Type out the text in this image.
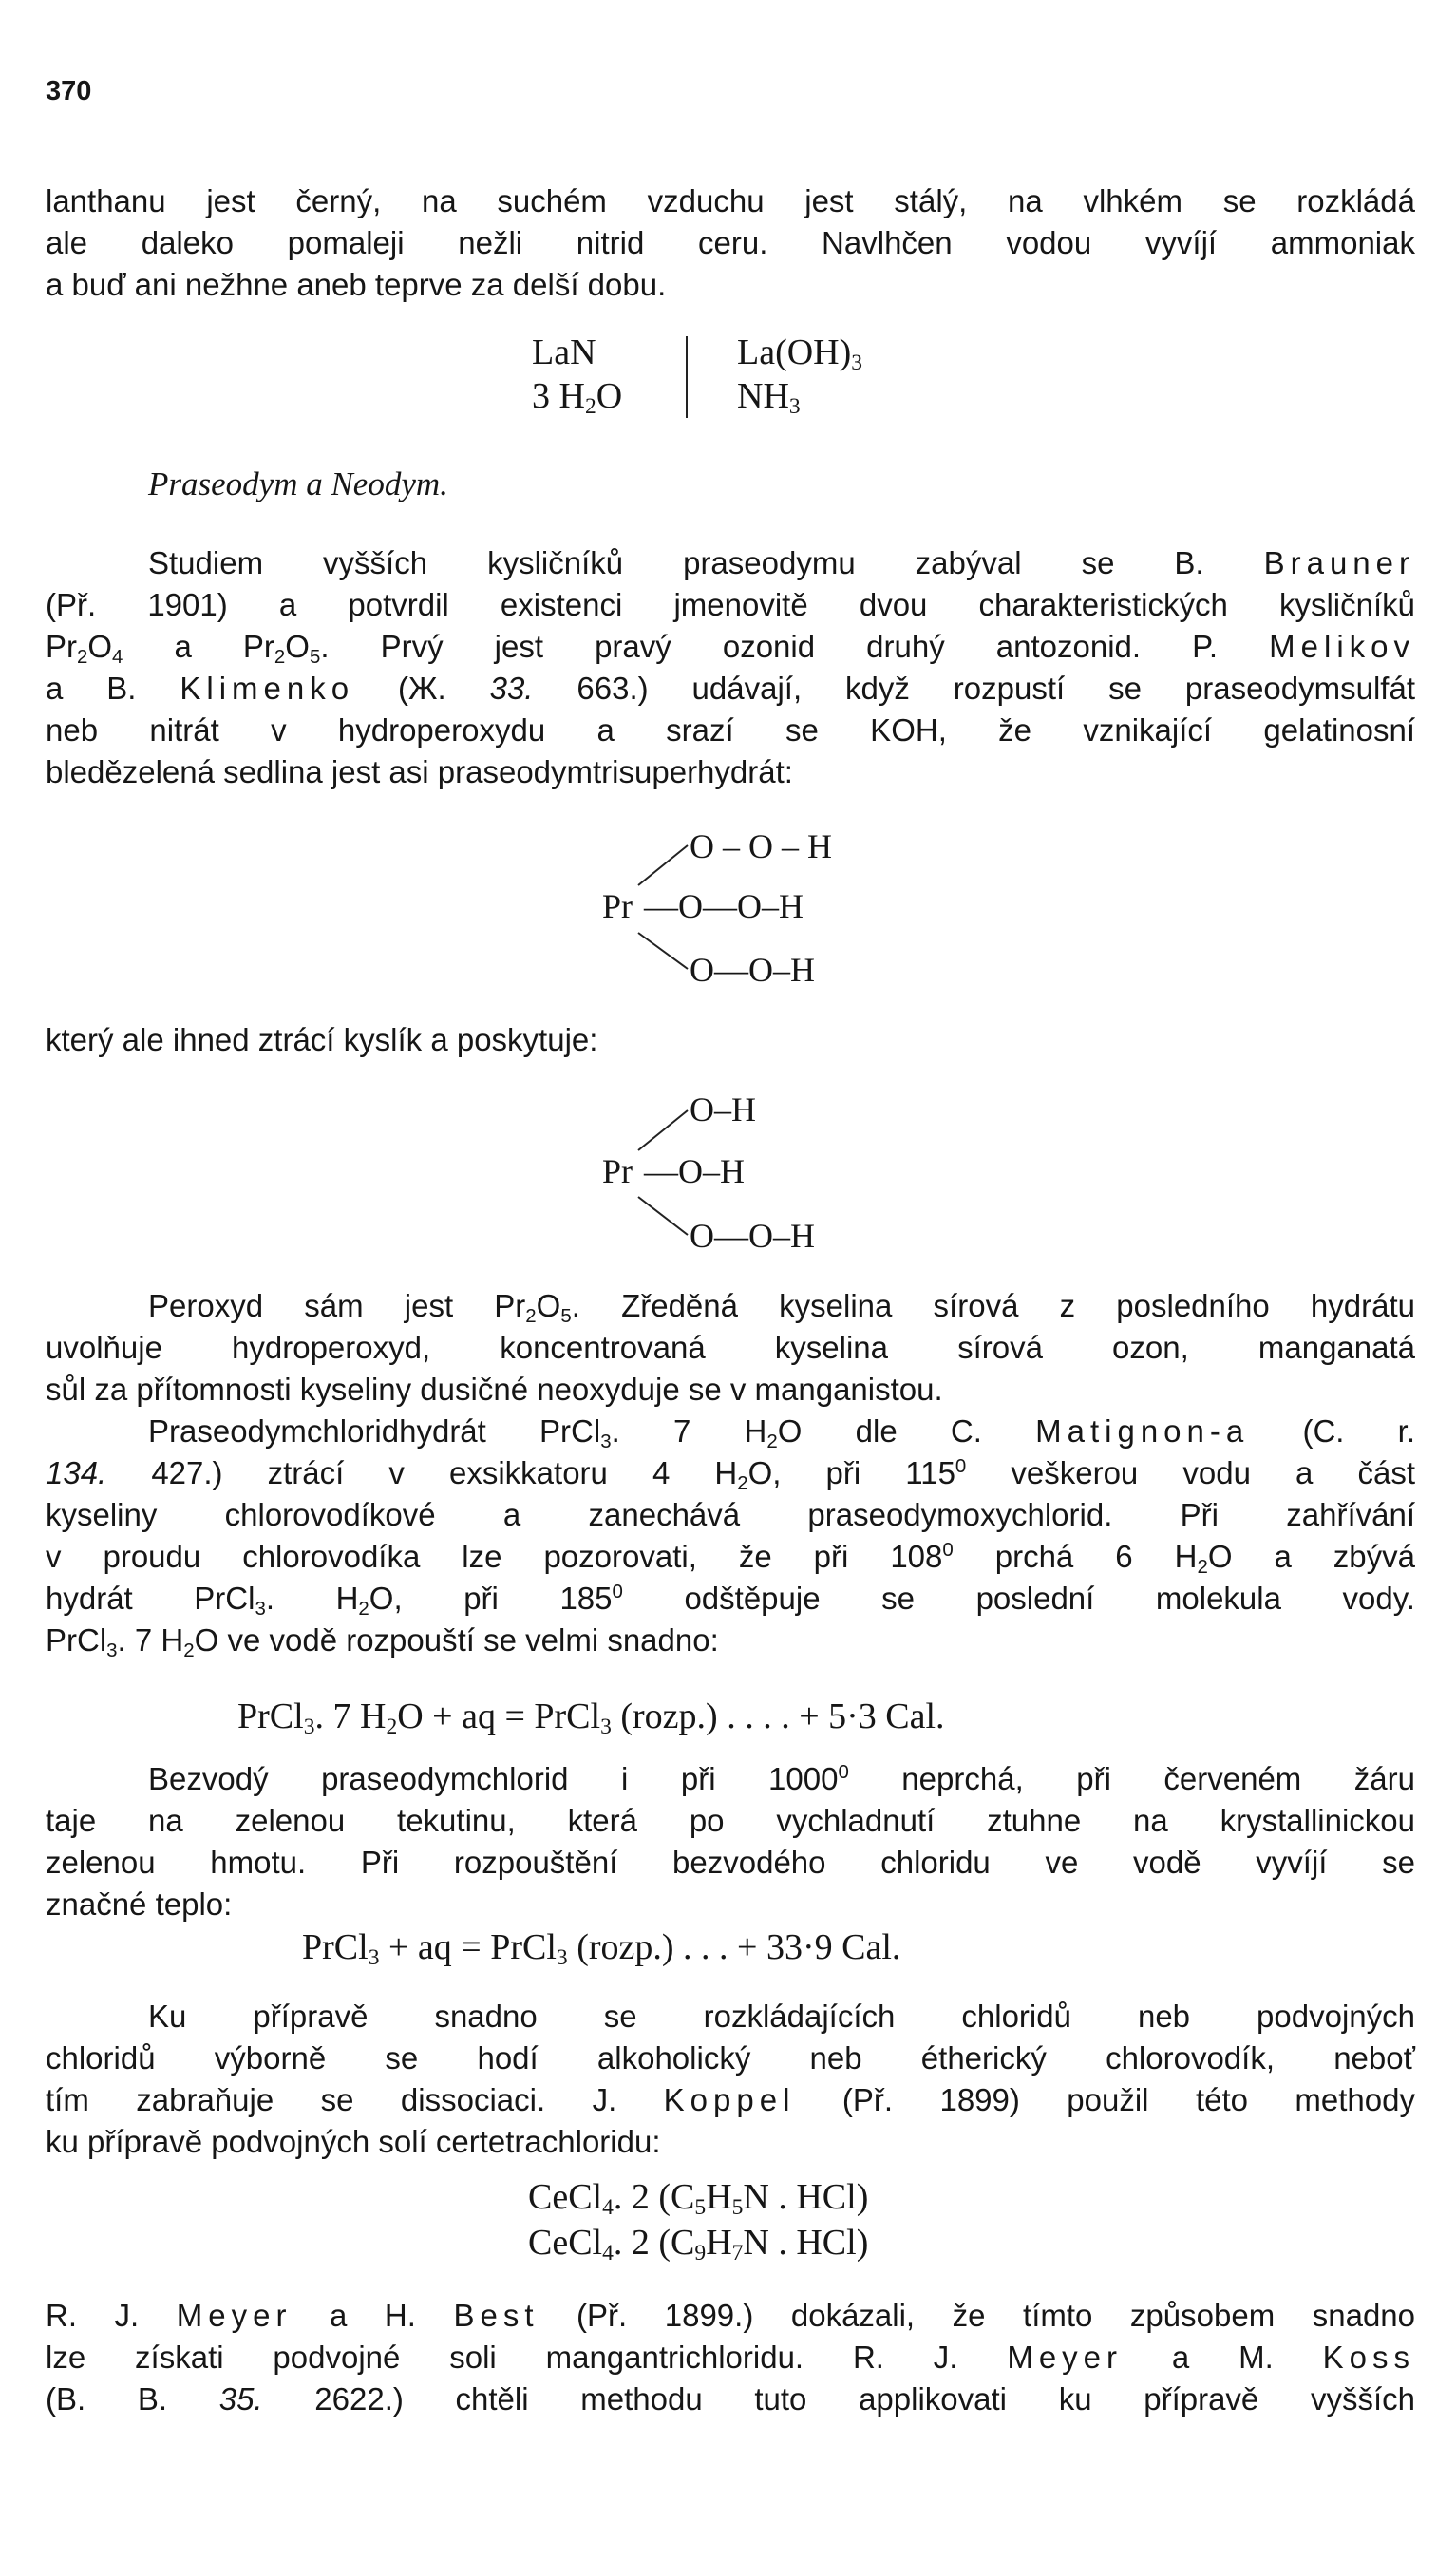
370
lanthanu jest černý, na suchém vzduchu jest stálý, na vlhkém se rozkládá
ale daleko pomaleji nežli nitrid ceru. Navlhčen vodou vyvíjí ammoniak
a buď ani nežhne aneb teprve za delší dobu.
LaN	$La(OH)_3$
3 $H_2O$	$NH_3$
Praseodym a Neodym.
Studiem vyšších kysličníků praseodymu zabýval se B. Brauner
(Př. 1901) a potvrdil existenci jmenovitě dvou charakteristických kysličníků
$Pr_2O_4$ a $Pr_2O_5$. Prvý jest pravý ozonid druhý antozonid. P. Melikov
a B. Klimenko (Ж. 33. 663.) udávají, když rozpustí se praseodymsulfát
neb nitrát v hydroperoxydu a srazí se KOH, že vznikající gelatinosní
bledězelená sedlina jest asi praseodymtrisuperhydrát:
O – O – H
Pr —O—O–H
O—O–H
který ale ihned ztrácí kyslík a poskytuje:
O–H
Pr —O–H
O—O–H
Peroxyd sám jest $Pr_2O_5$. Zředěná kyselina sírová z posledního hydrátu
uvolňuje hydroperoxyd, koncentrovaná kyselina sírová ozon, manganatá
sůl za přítomnosti kyseliny dusičné neoxyduje se v manganistou.
Praseodymchloridhydrát PrCl$_3$. 7 $H_2O$ dle C. Matignon-a (C. r.
134. 427.) ztrácí v exsikkatoru 4 $H_2O$, při $115^0$ veškerou vodu a část
kyseliny chlorovodíkové a zanechává praseodymoxychlorid. Při zahřívání
v proudu chlorovodíka lze pozorovati, že při $108^0$ prchá 6 $H_2O$ a zbývá
hydrát PrCl$_3$. $H_2O$, při $185^0$ odštěpuje se poslední molekula vody.
PrCl$_3$. 7 $H_2O$ ve vodě rozpouští se velmi snadno:
PrCl$_3$. 7 $H_2O$ + aq = PrCl$_3$ (rozp.) . . . . + 5·3 Cal.
Bezvodý praseodymchlorid i při 1000$^0$ neprchá, při červeném žáru
taje na zelenou tekutinu, která po vychladnutí ztuhne na krystallinickou
zelenou hmotu. Při rozpouštění bezvodého chloridu ve vodě vyvíjí se
značné teplo:
PrCl$_3$ + aq = PrCl$_3$ (rozp.) . . . + 33·9 Cal.
Ku přípravě snadno se rozkládajících chloridů neb podvojných
chloridů výborně se hodí alkoholický neb étherický chlorovodík, neboť
tím zabraňuje se dissociaci. J. Koppel (Př. 1899) použil této methody
ku přípravě podvojných solí certetrachloridu:
CeCl$_4$. 2 ($C_5H_5N$ . HCl)
CeCl$_4$. 2 ($C_9H_7N$ . HCl)
R. J. Meyer a H. Best (Př. 1899.) dokázali, že tímto způsobem snadno
lze získati podvojné soli mangantrichloridu. R. J. Meyer a M. Koss
(B. B. 35. 2622.) chtěli methodu tuto applikovati ku přípravě vyšších
